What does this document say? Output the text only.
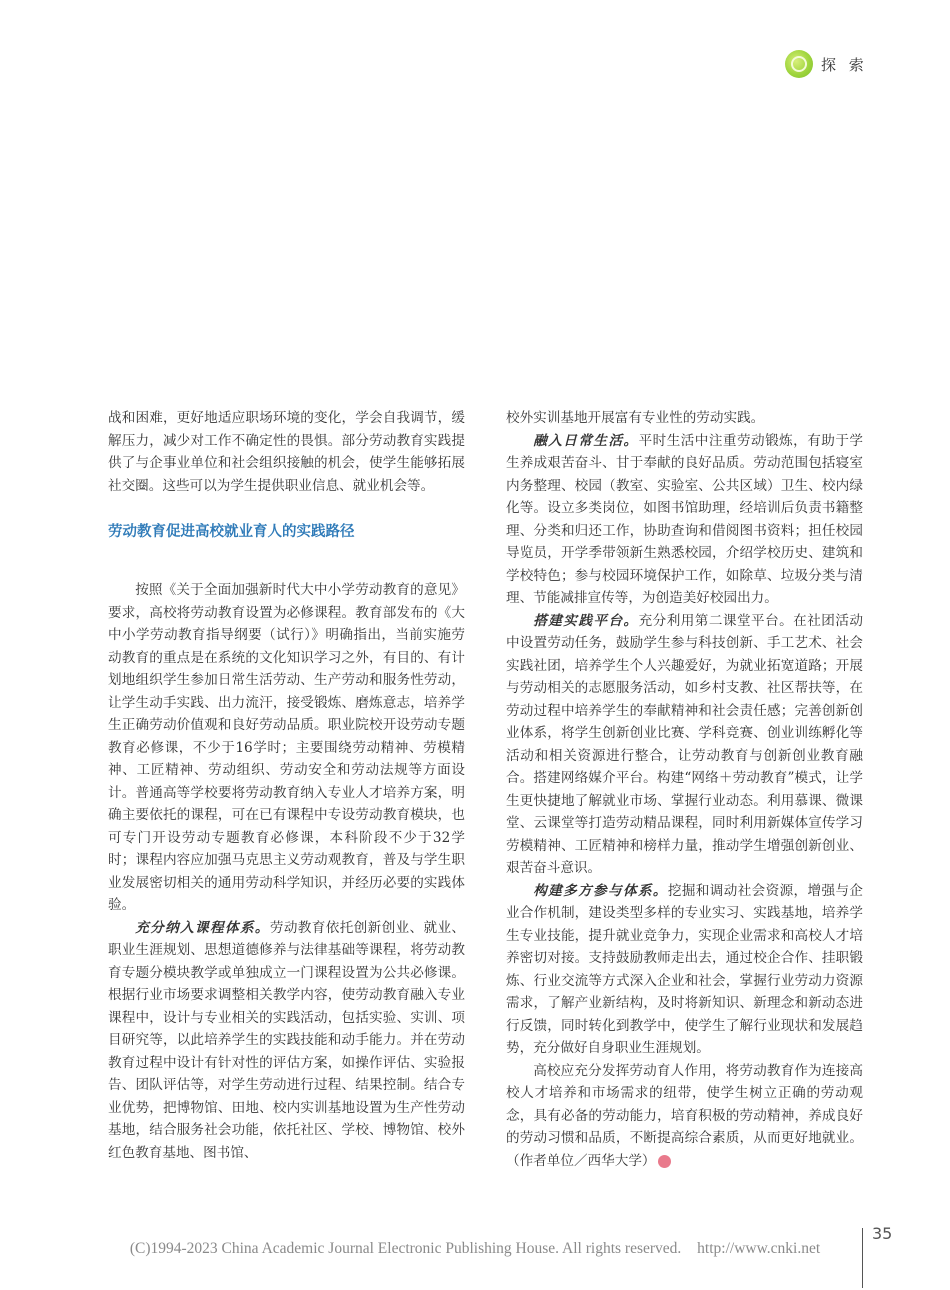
探 索

战和困难，更好地适应职场环境的变化，学会自我调节，缓解压力，减少对工作不确定性的畏惧。部分劳动教育实践提供了与企事业单位和社会组织接触的机会，使学生能够拓展社交圈。这些可以为学生提供职业信息、就业机会等。

劳动教育促进高校就业育人的实践路径

按照《关于全面加强新时代大中小学劳动教育的意见》要求，高校将劳动教育设置为必修课程。教育部发布的《大中小学劳动教育指导纲要（试行）》明确指出，当前实施劳动教育的重点是在系统的文化知识学习之外，有目的、有计划地组织学生参加日常生活劳动、生产劳动和服务性劳动，让学生动手实践、出力流汗，接受锻炼、磨炼意志，培养学生正确劳动价值观和良好劳动品质。职业院校开设劳动专题教育必修课，不少于16学时；主要围绕劳动精神、劳模精神、工匠精神、劳动组织、劳动安全和劳动法规等方面设计。普通高等学校要将劳动教育纳入专业人才培养方案，明确主要依托的课程，可在已有课程中专设劳动教育模块，也可专门开设劳动专题教育必修课，本科阶段不少于32学时；课程内容应加强马克思主义劳动观教育，普及与学生职业发展密切相关的通用劳动科学知识，并经历必要的实践体验。

充分纳入课程体系。劳动教育依托创新创业、就业、职业生涯规划、思想道德修养与法律基础等课程，将劳动教育专题分模块教学或单独成立一门课程设置为公共必修课。根据行业市场要求调整相关教学内容，使劳动教育融入专业课程中，设计与专业相关的实践活动，包括实验、实训、项目研究等，以此培养学生的实践技能和动手能力。并在劳动教育过程中设计有针对性的评估方案，如操作评估、实验报告、团队评估等，对学生劳动进行过程、结果控制。结合专业优势，把博物馆、田地、校内实训基地设置为生产性劳动基地，结合服务社会功能，依托社区、学校、博物馆、校外红色教育基地、图书馆、

校外实训基地开展富有专业性的劳动实践。

融入日常生活。平时生活中注重劳动锻炼，有助于学生养成艰苦奋斗、甘于奉献的良好品质。劳动范围包括寝室内务整理、校园（教室、实验室、公共区域）卫生、校内绿化等。设立多类岗位，如图书馆助理，经培训后负责书籍整理、分类和归还工作，协助查询和借阅图书资料；担任校园导览员，开学季带领新生熟悉校园，介绍学校历史、建筑和学校特色；参与校园环境保护工作，如除草、垃圾分类与清理、节能减排宣传等，为创造美好校园出力。

搭建实践平台。充分利用第二课堂平台。在社团活动中设置劳动任务，鼓励学生参与科技创新、手工艺术、社会实践社团，培养学生个人兴趣爱好，为就业拓宽道路；开展与劳动相关的志愿服务活动，如乡村支教、社区帮扶等，在劳动过程中培养学生的奉献精神和社会责任感；完善创新创业体系，将学生创新创业比赛、学科竞赛、创业训练孵化等活动和相关资源进行整合，让劳动教育与创新创业教育融合。搭建网络媒介平台。构建“网络＋劳动教育”模式，让学生更快捷地了解就业市场、掌握行业动态。利用慕课、微课堂、云课堂等打造劳动精品课程，同时利用新媒体宣传学习劳模精神、工匠精神和榜样力量，推动学生增强创新创业、艰苦奋斗意识。

构建多方参与体系。挖掘和调动社会资源，增强与企业合作机制，建设类型多样的专业实习、实践基地，培养学生专业技能，提升就业竞争力，实现企业需求和高校人才培养密切对接。支持鼓励教师走出去，通过校企合作、挂职锻炼、行业交流等方式深入企业和社会，掌握行业劳动力资源需求，了解产业新结构，及时将新知识、新理念和新动态进行反馈，同时转化到教学中，使学生了解行业现状和发展趋势，充分做好自身职业生涯规划。

高校应充分发挥劳动育人作用，将劳动教育作为连接高校人才培养和市场需求的纽带，使学生树立正确的劳动观念，具有必备的劳动能力，培育积极的劳动精神，养成良好的劳动习惯和品质，不断提高综合素质，从而更好地就业。（作者单位／西华大学）

(C)1994-2023 China Academic Journal Electronic Publishing House. All rights reserved. http://www.cnki.net
35
